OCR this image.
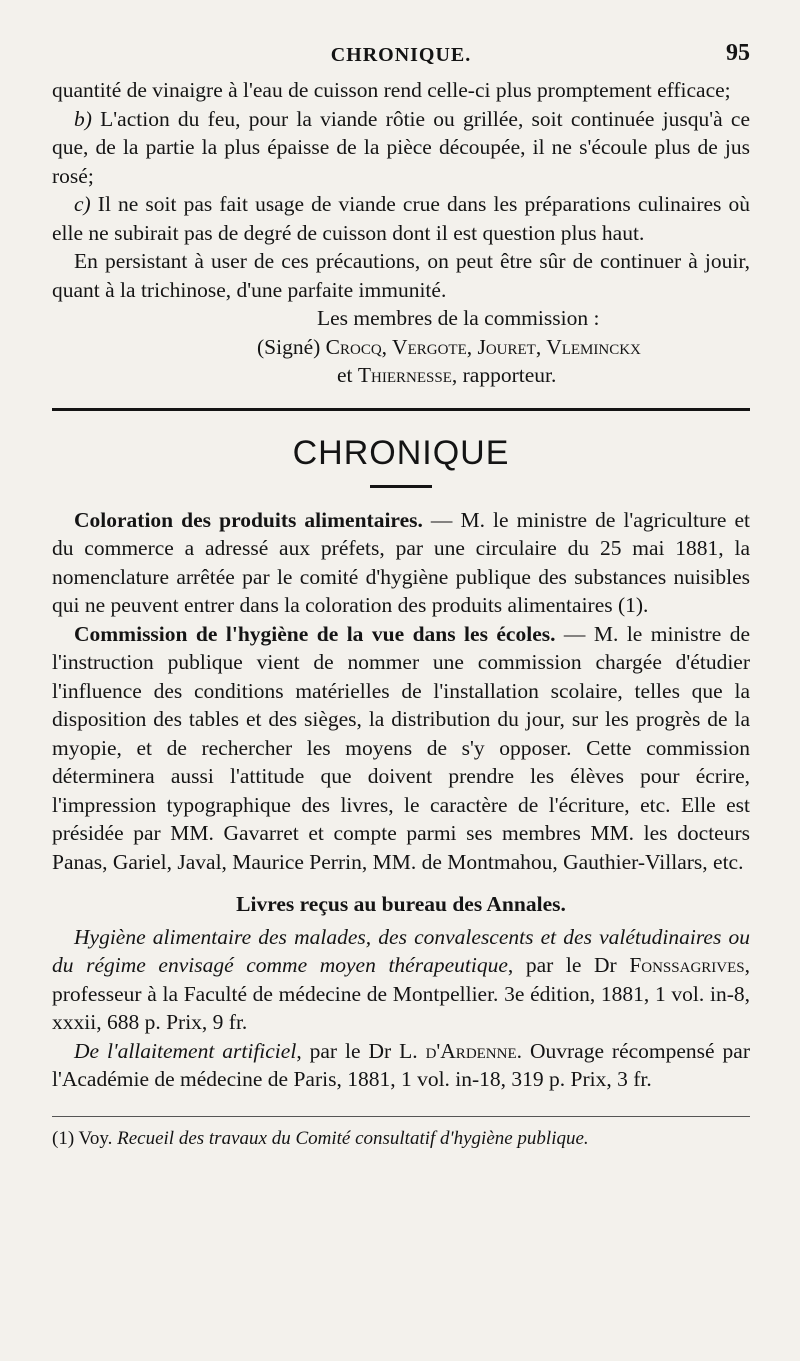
CHRONIQUE.	95

quantité de vinaigre à l'eau de cuisson rend celle-ci plus promptement efficace;

b) L'action du feu, pour la viande rôtie ou grillée, soit continuée jusqu'à ce que, de la partie la plus épaisse de la pièce découpée, il ne s'écoule plus de jus rosé;

c) Il ne soit pas fait usage de viande crue dans les préparations culinaires où elle ne subirait pas de degré de cuisson dont il est question plus haut.

En persistant à user de ces précautions, on peut être sûr de continuer à jouir, quant à la trichinose, d'une parfaite immunité.

Les membres de la commission :
(Signé) Crocq, Vergote, Jouret, Vleminckx
et Thiernesse, rapporteur.
CHRONIQUE

Coloration des produits alimentaires. — M. le ministre de l'agriculture et du commerce a adressé aux préfets, par une circulaire du 25 mai 1881, la nomenclature arrêtée par le comité d'hygiène publique des substances nuisibles qui ne peuvent entrer dans la coloration des produits alimentaires (1).

Commission de l'hygiène de la vue dans les écoles. — M. le ministre de l'instruction publique vient de nommer une commission chargée d'étudier l'influence des conditions matérielles de l'installation scolaire, telles que la disposition des tables et des sièges, la distribution du jour, sur les progrès de la myopie, et de rechercher les moyens de s'y opposer. Cette commission déterminera aussi l'attitude que doivent prendre les élèves pour écrire, l'impression typographique des livres, le caractère de l'écriture, etc. Elle est présidée par MM. Gavarret et compte parmi ses membres MM. les docteurs Panas, Gariel, Javal, Maurice Perrin, MM. de Montmahou, Gauthier-Villars, etc.

Livres reçus au bureau des Annales.

Hygiène alimentaire des malades, des convalescents et des valétudinaires ou du régime envisagé comme moyen thérapeutique, par le Dr Fonssagrives, professeur à la Faculté de médecine de Montpellier. 3e édition, 1881, 1 vol. in-8, xxxii, 688 p. Prix, 9 fr.

De l'allaitement artificiel, par le Dr L. d'Ardenne. Ouvrage récompensé par l'Académie de médecine de Paris, 1881, 1 vol. in-18, 319 p. Prix, 3 fr.

(1) Voy. Recueil des travaux du Comité consultatif d'hygiène publique.
